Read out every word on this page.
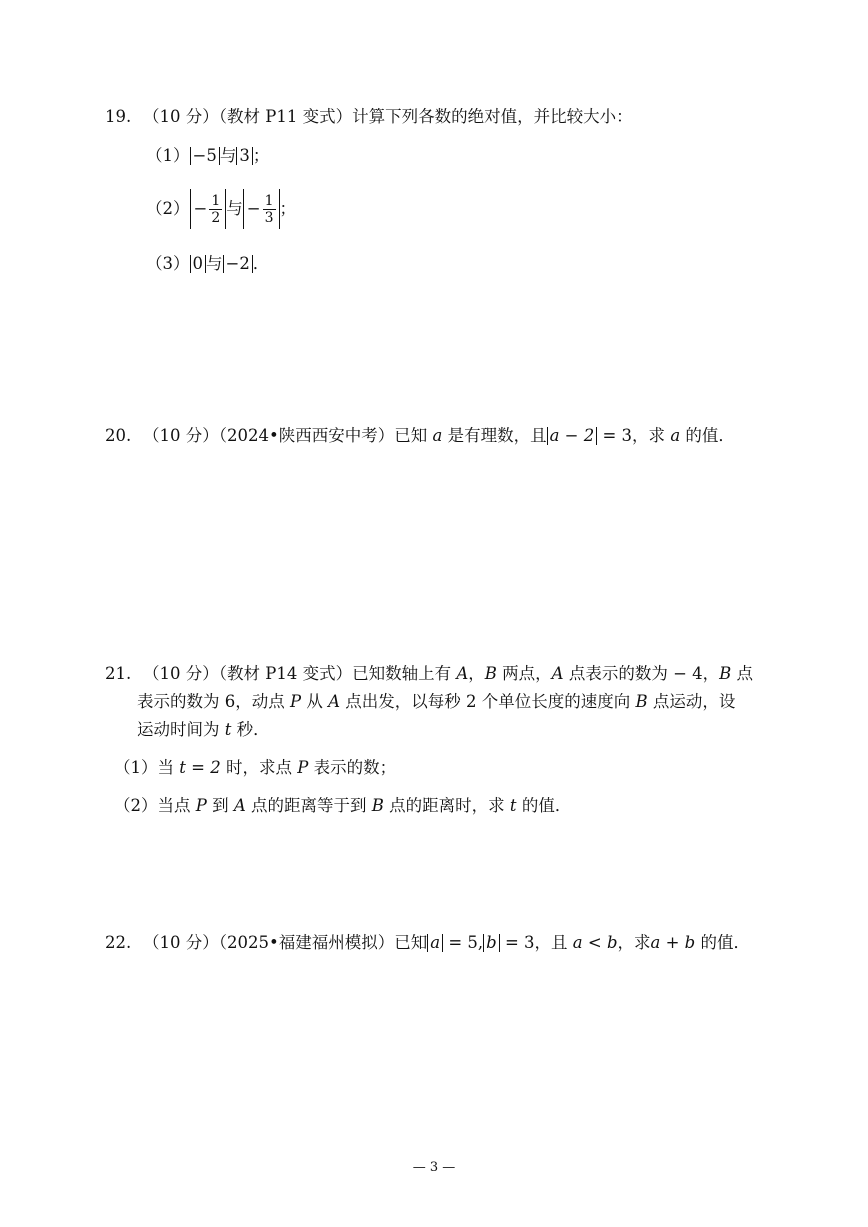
19. （10 分）（教材 P11 变式）计算下列各数的绝对值，并比较大小：
（1） −5 与 3 ；
$(2) - \frac{1}{2}$ 与 − $\frac{1}{3}$ ；
（3） 0 与 −2 ．
20. （10 分）（2024•陕西西安中考）已知 a 是有理数，且 a − 2 = 3，求 a 的值．
21. （10 分）（教材 P14 变式）已知数轴上有 A，B 两点，A 点表示的数为 − 4，B 点
表示的数为 6，动点 P 从 A 点出发，以每秒 2 个单位长度的速度向 B 点运动，设
运动时间为 t 秒．
（1）当 t = 2 时，求点 P 表示的数；
（2）当点 P 到 A 点的距离等于到 B 点的距离时，求 t 的值．
22. （10 分）（2025•福建福州模拟）已知 a = 5, b = 3，且 a < b，求a + b 的值．
— 3 —
